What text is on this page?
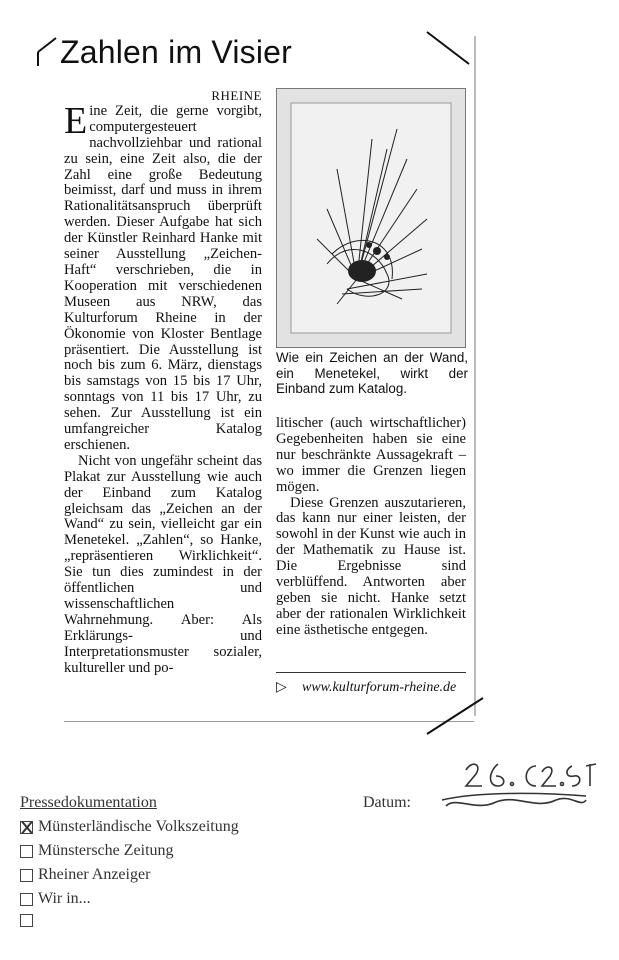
Zahlen im Visier
RHEINE

Eine Zeit, die gerne vorgibt, computergesteuert nachvollziehbar und rational zu sein, eine Zeit also, die der Zahl eine große Bedeutung beimisst, darf und muss in ihrem Rationalitätsanspruch überprüft werden. Dieser Aufgabe hat sich der Künstler Reinhard Hanke mit seiner Ausstellung „Zeichen-Haft“ verschrieben, die in Kooperation mit verschiedenen Museen aus NRW, das Kulturforum Rheine in der Ökonomie von Kloster Bentlage präsentiert. Die Ausstellung ist noch bis zum 6. März, dienstags bis samstags von 15 bis 17 Uhr, sonntags von 11 bis 17 Uhr, zu sehen. Zur Ausstellung ist ein umfangreicher Katalog erschienen.

Nicht von ungefähr scheint das Plakat zur Ausstellung wie auch der Einband zum Katalog gleichsam das „Zeichen an der Wand“ zu sein, vielleicht gar ein Menetekel. „Zahlen“, so Hanke, „repräsentieren Wirklichkeit“. Sie tun dies zumindest in der öffentlichen und wissenschaftlichen Wahrnehmung. Aber: Als Erklärungs- und Interpretationsmuster sozialer, kultureller und po-

Wie ein Zeichen an der Wand, ein Menetekel, wirkt der Einband zum Katalog.

litischer (auch wirtschaftlicher) Gegebenheiten haben sie eine nur beschränkte Aussagekraft – wo immer die Grenzen liegen mögen.

Diese Grenzen auszutarieren, das kann nur einer leisten, der sowohl in der Kunst wie auch in der Mathematik zu Hause ist. Die Ergebnisse sind verblüffend. Antworten aber geben sie nicht. Hanke setzt aber der rationalen Wirklichkeit eine ästhetische entgegen.

▷ www.kulturforum-rheine.de
Pressedokumentation
Münsterländische Volkszeitung
Münstersche Zeitung
Rheiner Anzeiger
Wir in...
Datum:
